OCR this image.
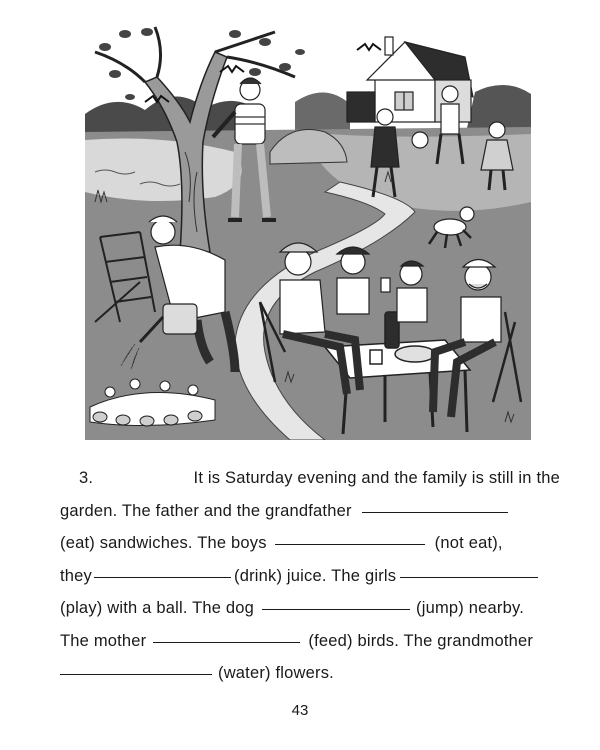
3.	It is Saturday evening and the family is still in the
garden. The father and the grandfather
(eat) sandwiches. The boys	(not eat),
they	(drink) juice. The girls
(play) with a ball. The dog	(jump) nearby.
The mother	(feed) birds. The grandmother
(water) flowers.
43
